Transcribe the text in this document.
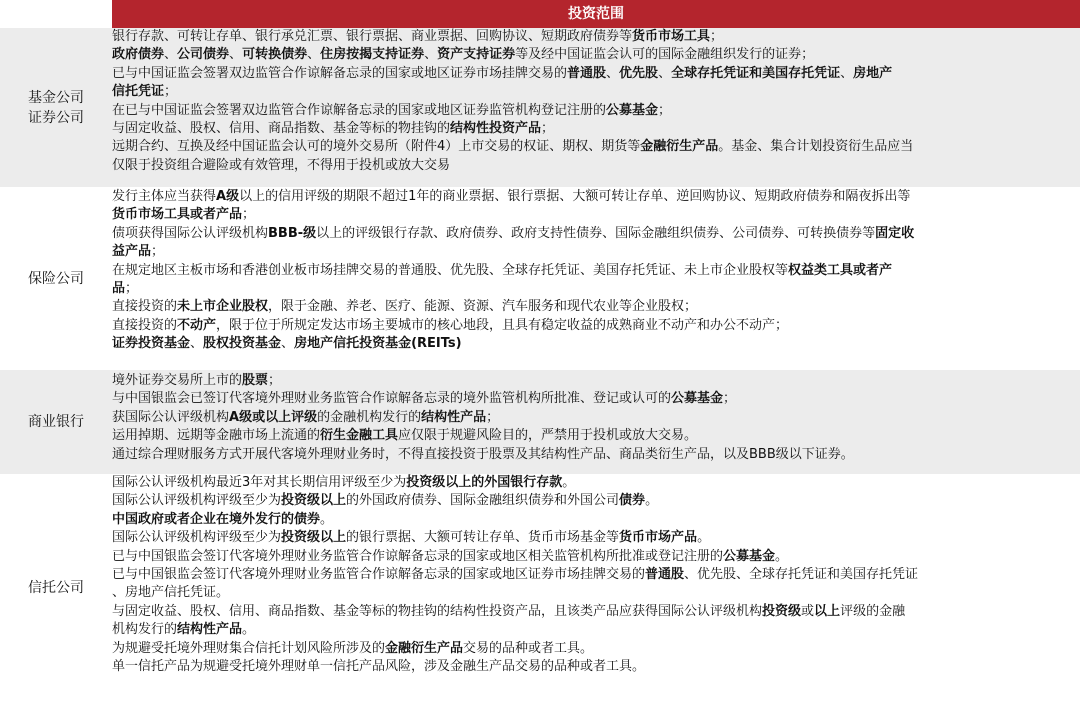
投资范围
基金公司
证券公司
银行存款、可转让存单、银行承兑汇票、银行票据、商业票据、回购协议、短期政府债券等货币市场工具；
政府债券、公司债券、可转换债券、住房按揭支持证券、资产支持证券等及经中国证监会认可的国际金融组织发行的证券；
已与中国证监会签署双边监管合作谅解备忘录的国家或地区证券市场挂牌交易的普通股、优先股、全球存托凭证和美国存托凭证、房地产
信托凭证；
在已与中国证监会签署双边监管合作谅解备忘录的国家或地区证券监管机构登记注册的公募基金；
与固定收益、股权、信用、商品指数、基金等标的物挂钩的结构性投资产品；
远期合约、互换及经中国证监会认可的境外交易所（附件4）上市交易的权证、期权、期货等金融衍生产品。基金、集合计划投资衍生品应当
仅限于投资组合避险或有效管理，不得用于投机或放大交易
保险公司
发行主体应当获得A级以上的信用评级的期限不超过1年的商业票据、银行票据、大额可转让存单、逆回购协议、短期政府债券和隔夜拆出等
货币市场工具或者产品；
债项获得国际公认评级机构BBB-级以上的评级银行存款、政府债券、政府支持性债券、国际金融组织债券、公司债券、可转换债券等固定收
益产品；
在规定地区主板市场和香港创业板市场挂牌交易的普通股、优先股、全球存托凭证、美国存托凭证、未上市企业股权等权益类工具或者产
品；
直接投资的未上市企业股权，限于金融、养老、医疗、能源、资源、汽车服务和现代农业等企业股权；
直接投资的不动产，限于位于所规定发达市场主要城市的核心地段，且具有稳定收益的成熟商业不动产和办公不动产；
证券投资基金、股权投资基金、房地产信托投资基金(REITs)
商业银行
境外证券交易所上市的股票；
与中国银监会已签订代客境外理财业务监管合作谅解备忘录的境外监管机构所批准、登记或认可的公募基金；
获国际公认评级机构A级或以上评级的金融机构发行的结构性产品；
运用掉期、远期等金融市场上流通的衍生金融工具应仅限于规避风险目的，严禁用于投机或放大交易。
通过综合理财服务方式开展代客境外理财业务时，不得直接投资于股票及其结构性产品、商品类衍生产品，以及BBB级以下证券。
信托公司
国际公认评级机构最近3年对其长期信用评级至少为投资级以上的外国银行存款。
国际公认评级机构评级至少为投资级以上的外国政府债券、国际金融组织债券和外国公司债券。
中国政府或者企业在境外发行的债券。
国际公认评级机构评级至少为投资级以上的银行票据、大额可转让存单、货币市场基金等货币市场产品。
已与中国银监会签订代客境外理财业务监管合作谅解备忘录的国家或地区相关监管机构所批准或登记注册的公募基金。
已与中国银监会签订代客境外理财业务监管合作谅解备忘录的国家或地区证券市场挂牌交易的普通股、优先股、全球存托凭证和美国存托凭证
、房地产信托凭证。
与固定收益、股权、信用、商品指数、基金等标的物挂钩的结构性投资产品，且该类产品应获得国际公认评级机构投资级或以上评级的金融
机构发行的结构性产品。
为规避受托境外理财集合信托计划风险所涉及的金融衍生产品交易的品种或者工具。
单一信托产品为规避受托境外理财单一信托产品风险，涉及金融生产品交易的品种或者工具。
